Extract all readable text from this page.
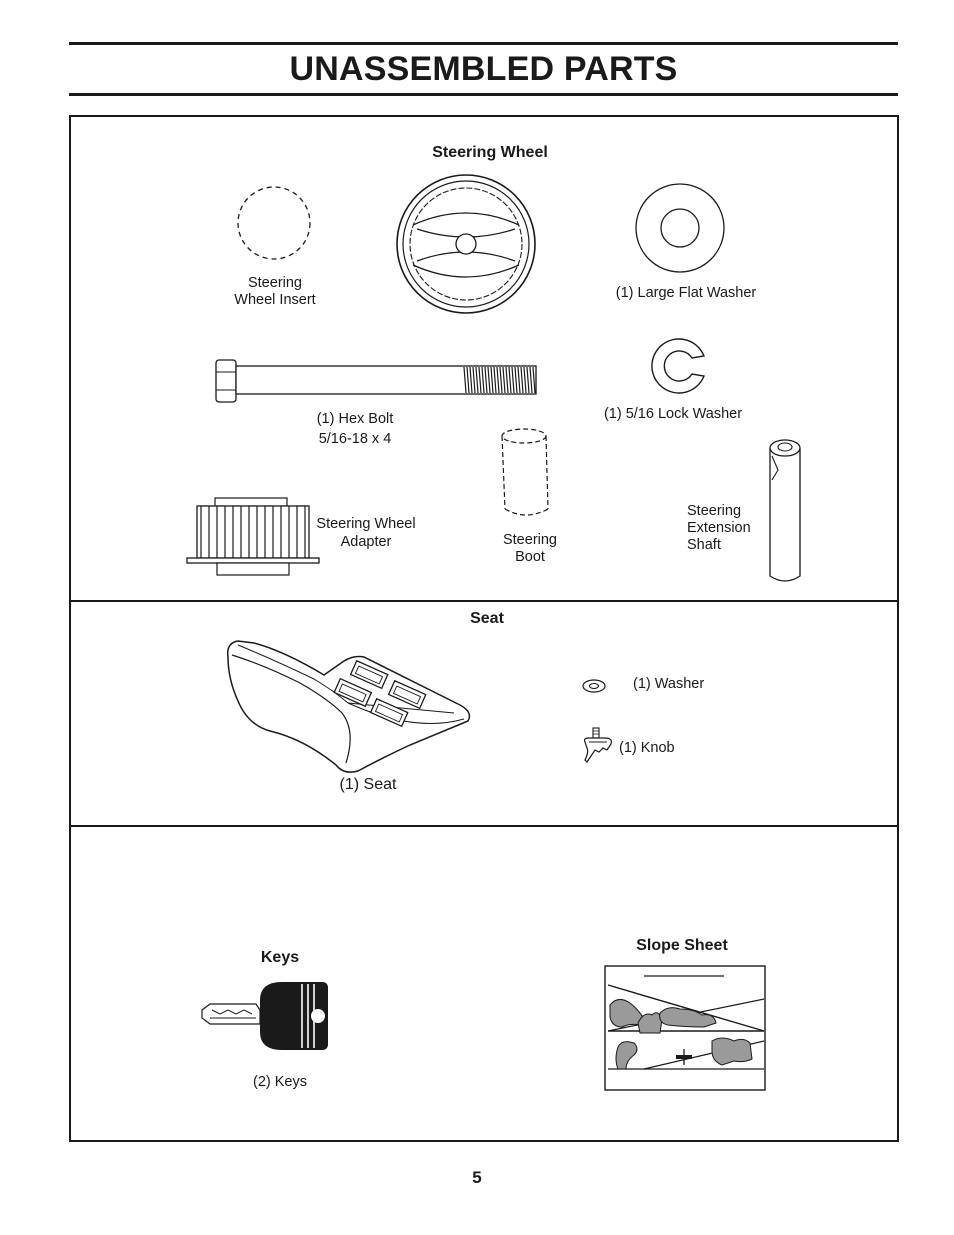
UNASSEMBLED PARTS
Steering Wheel
Steering
Wheel Insert	(1) Large Flat Washer
(1) Hex Bolt
5/16-18 x 4
(1) 5/16 Lock Washer
Steering Wheel
Adapter	Steering
Boot
Steering
Extension
Shaft
Seat
(1) Seat
(1) Washer
(1) Knob
Keys
(2) Keys
Slope Sheet
5
